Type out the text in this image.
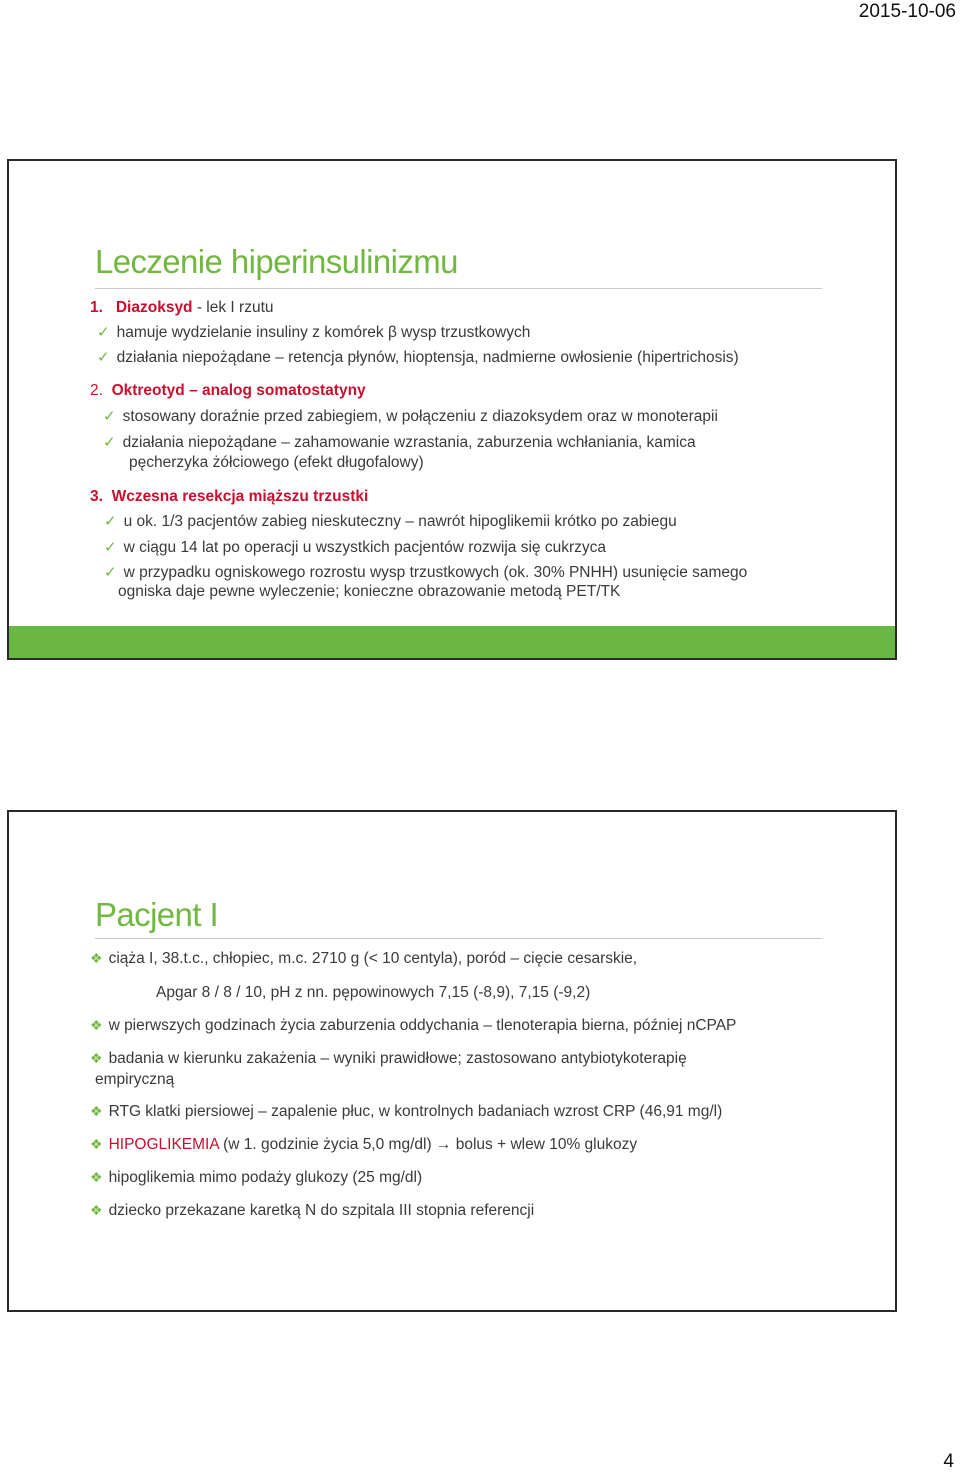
2015-10-06
Leczenie hiperinsulinizmu
1. Diazoksyd - lek I rzutu
✓ hamuje wydzielanie insuliny z komórek β wysp trzustkowych
✓ działania niepożądane – retencja płynów, hioptensja, nadmierne owłosienie (hipertrichosis)
2. Oktreotyd – analog somatostatyny
✓ stosowany doraźnie przed zabiegiem, w połączeniu z diazoksydem oraz w monoterapii
✓ działania niepożądane – zahamowanie wzrastania, zaburzenia wchłaniania, kamica
pęcherzyka żółciowego (efekt długofalowy)
3. Wczesna resekcja miąższu trzustki
✓ u ok. 1/3 pacjentów zabieg nieskuteczny – nawrót hipoglikemii krótko po zabiegu
✓ w ciągu 14 lat po operacji u wszystkich pacjentów rozwija się cukrzyca
✓ w przypadku ogniskowego rozrostu wysp trzustkowych (ok. 30% PNHH) usunięcie samego
ogniska daje pewne wyleczenie; konieczne obrazowanie metodą PET/TK
Pacjent I
❖ ciąża I, 38.t.c., chłopiec, m.c. 2710 g (< 10 centyla), poród – cięcie cesarskie,
Apgar 8 / 8 / 10, pH z nn. pępowinowych 7,15 (-8,9), 7,15 (-9,2)
❖ w pierwszych godzinach życia zaburzenia oddychania – tlenoterapia bierna, później nCPAP
❖ badania w kierunku zakażenia – wyniki prawidłowe; zastosowano antybiotykoterapię
empiryczną
❖ RTG klatki piersiowej – zapalenie płuc, w kontrolnych badaniach wzrost CRP (46,91 mg/l)
❖ HIPOGLIKEMIA (w 1. godzinie życia 5,0 mg/dl) → bolus + wlew 10% glukozy
❖ hipoglikemia mimo podaży glukozy (25 mg/dl)
❖ dziecko przekazane karetką N do szpitala III stopnia referencji
4
